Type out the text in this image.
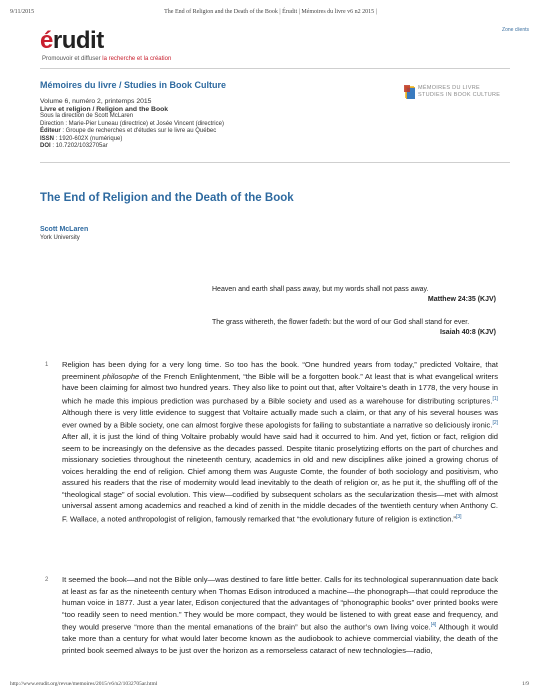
9/11/2015	The End of Religion and the Death of the Book | Érudit | Mémoires du livre v6 n2 2015 |
Zone clients
érudit
Promouvoir et diffuser la recherche et la création
Mémoires du livre / Studies in Book Culture	MÉMOIRES DU LIVRE
STUDIES IN BOOK CULTURE
Volume 6, numéro 2, printemps 2015
Livre et religion / Religion and the Book
Sous la direction de Scott McLaren
Direction : Marie-Pier Luneau (directrice) et Josée Vincent (directrice)
Éditeur : Groupe de recherches et d'études sur le livre au Québec
ISSN : 1920-602X (numérique)
DOI : 10.7202/1032705ar
The End of Religion and the Death of the Book
Scott McLaren
York University
Heaven and earth shall pass away, but my words shall not pass away.
Matthew 24:35 (KJV)
The grass withereth, the flower fadeth: but the word of our God shall stand for ever.
Isaiah 40:8 (KJV)
1 Religion has been dying for a very long time. So too has the book. “One hundred years from today,” predicted Voltaire, that preeminent philosophe of the French Enlightenment, “the Bible will be a forgotten book.” At least that is what evangelical writers have been claiming for almost two hundred years. They also like to point out that, after Voltaire’s death in 1778, the very house in which he made this impious prediction was purchased by a Bible society and used as a warehouse for distributing scriptures.[1] Although there is very little evidence to suggest that Voltaire actually made such a claim, or that any of his several houses was ever owned by a Bible society, one can almost forgive these apologists for failing to substantiate a narrative so deliciously ironic.[2] After all, it is just the kind of thing Voltaire probably would have said had it occurred to him. And yet, fiction or fact, religion did seem to be increasingly on the defensive as the decades passed. Despite titanic proselytizing efforts on the part of churches and missionary societies throughout the nineteenth century, academics in old and new disciplines alike joined a growing chorus of voices heralding the end of religion. Chief among them was Auguste Comte, the founder of both sociology and positivism, who assured his readers that the rise of modernity would lead inevitably to the death of religion or, as he put it, the shuffling off of the “theological stage” of social evolution. This view—codified by subsequent scholars as the secularization thesis—met with almost universal assent among academics and reached a kind of zenith in the middle decades of the twentieth century when Anthony C. F. Wallace, a noted anthropologist of religion, famously remarked that “the evolutionary future of religion is extinction.”[3]

2 It seemed the book—and not the Bible only—was destined to fare little better. Calls for its technological superannuation date back at least as far as the nineteenth century when Thomas Edison introduced a machine—the phonograph—that could reproduce the human voice in 1877. Just a year later, Edison conjectured that the advantages of “phonographic books” over printed books were “too readily seen to need mention.” They would be more compact, they would be listened to with great ease and frequency, and they would preserve “more than the mental emanations of the brain” but also the author’s own living voice.[4] Although it would take more than a century for what would later become known as the audiobook to achieve commercial viability, the death of the printed book seemed always to be just over the horizon as a remorseless cataract of new technologies—radio,

http://www.erudit.org/revue/memoires/2015/v6/n2/1032705ar.html	1/9
